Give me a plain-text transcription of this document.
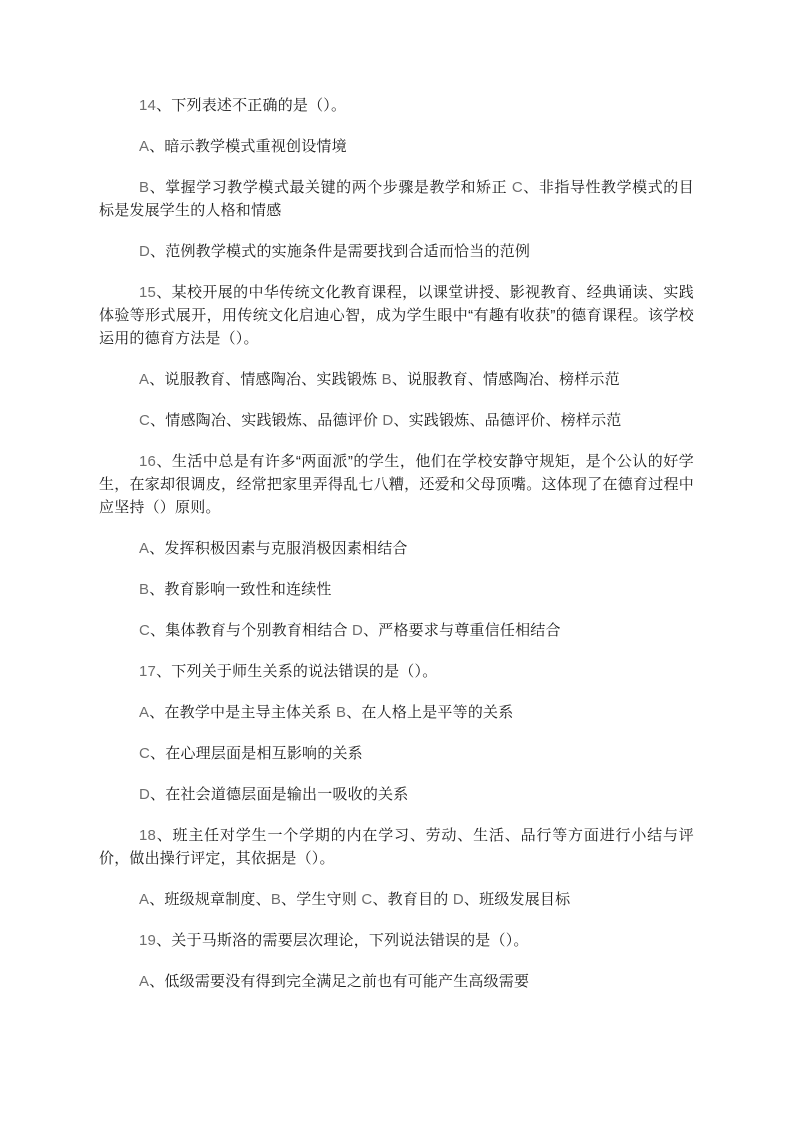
14、下列表述不正确的是（）。

A、暗示教学模式重视创设情境

B、掌握学习教学模式最关键的两个步骤是教学和矫正 C、非指导性教学模式的目标是发展学生的人格和情感

D、范例教学模式的实施条件是需要找到合适而恰当的范例

15、某校开展的中华传统文化教育课程，以课堂讲授、影视教育、经典诵读、实践体验等形式展开，用传统文化启迪心智，成为学生眼中“有趣有收获”的德育课程。该学校运用的德育方法是（）。

A、说服教育、情感陶冶、实践锻炼 B、说服教育、情感陶冶、榜样示范

C、情感陶冶、实践锻炼、品德评价 D、实践锻炼、品德评价、榜样示范

16、生活中总是有许多“两面派”的学生，他们在学校安静守规矩，是个公认的好学生，在家却很调皮，经常把家里弄得乱七八糟，还爱和父母顶嘴。这体现了在德育过程中应坚持（）原则。

A、发挥积极因素与克服消极因素相结合

B、教育影响一致性和连续性

C、集体教育与个别教育相结合 D、严格要求与尊重信任相结合

17、下列关于师生关系的说法错误的是（）。

A、在教学中是主导主体关系 B、在人格上是平等的关系

C、在心理层面是相互影响的关系

D、在社会道德层面是输出一吸收的关系

18、班主任对学生一个学期的内在学习、劳动、生活、品行等方面进行小结与评价，做出操行评定，其依据是（）。

A、班级规章制度、B、学生守则 C、教育目的 D、班级发展目标

19、关于马斯洛的需要层次理论，下列说法错误的是（）。

A、低级需要没有得到完全满足之前也有可能产生高级需要
